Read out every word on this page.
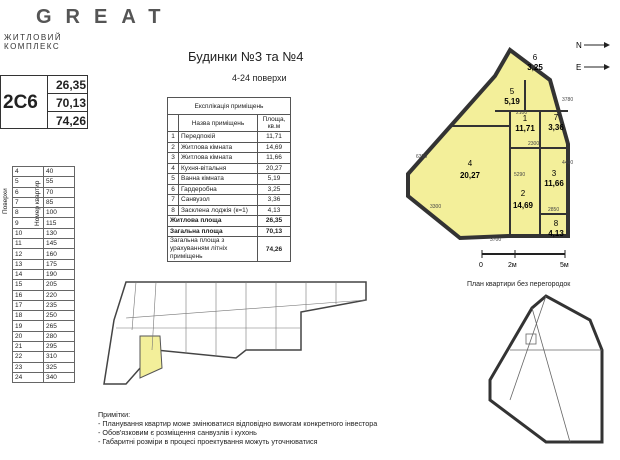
GREAT
ЖИТЛОВИЙ КОМПЛЕКС
Будинки №3 та №4
4-24 поверхи
2С6
26,35
70,13
74,26
Експлікація приміщень		
	Назва приміщень	Площа, кв.м
1	Передпокій	11,71
2	Житлова кімната	14,69
3	Житлова кімната	11,66
4	Кухня-вітальня	20,27
5	Ванна кімната	5,19
6	Гардеробна	3,25
7	Санвузол	3,36
8	Засклена лоджія (к=1)	4,13
Житлова площа		26,35
Загальна площа		70,13
Загальна площа з урахуванням літніх приміщень		74,26
Поверхи	Номер квартир
4	40
5	55
6	70
7	85
8	100
9	115
10	130
11	145
12	160
13	175
14	190
15	205
16	220
17	235
18	250
19	265
20	280
21	295
22	310
23	325
24	340
N
E
6
3,25
5
5,19
1
11,71
7
3,36
4
20,27	3
11,66
2
14,69
8
4,13
2300
2850
3700
3300
5290
4400
6300
2100
3780
0	2м	5м
План квартири без перегородок
Примітки:
- Планування квартир може змінюватися відповідно вимогам конкретного інвестора
- Обов'язковим є розміщення санвузлів і кухонь
- Габаритні розміри в процесі проектування можуть уточнюватися
